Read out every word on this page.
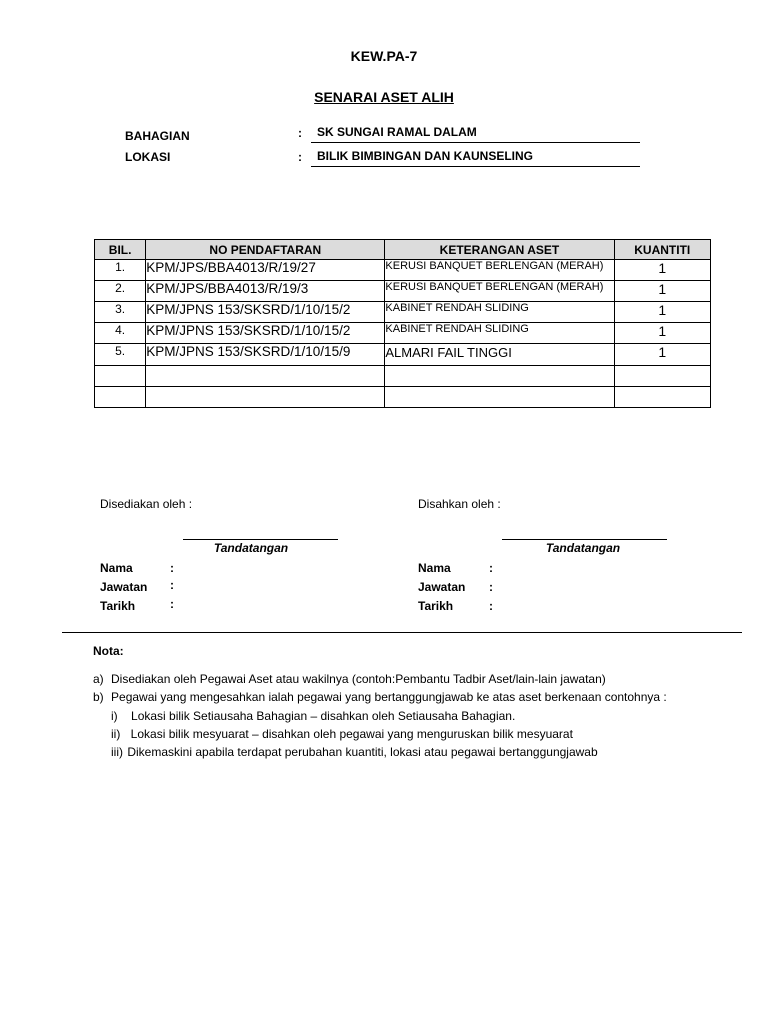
KEW.PA-7
SENARAI ASET ALIH
BAHAGIAN	:	SK SUNGAI RAMAL DALAM
LOKASI	:	BILIK BIMBINGAN DAN KAUNSELING
BIL.	NO PENDAFTARAN	KETERANGAN ASET	KUANTITI
1.	KPM/JPS/BBA4013/R/19/27	KERUSI BANQUET BERLENGAN (MERAH)	1
2.	KPM/JPS/BBA4013/R/19/3	KERUSI BANQUET BERLENGAN (MERAH)	1
3.	KPM/JPNS 153/SKSRD/1/10/15/2	KABINET RENDAH SLIDING	1
4.	KPM/JPNS 153/SKSRD/1/10/15/2	KABINET RENDAH SLIDING	1
5.	KPM/JPNS 153/SKSRD/1/10/15/9	ALMARI FAIL TINGGI	1

Disediakan oleh :
Tandatangan
Nama	:
Jawatan :
Tarikh	:
Disahkan oleh :
Tandatangan
Nama	:
Jawatan :
Tarikh	:
Nota:
a) Disediakan oleh Pegawai Aset atau wakilnya (contoh:Pembantu Tadbir Aset/lain-lain jawatan)
b) Pegawai yang mengesahkan ialah pegawai yang bertanggungjawab ke atas aset berkenaan contohnya :
i) Lokasi bilik Setiausaha Bahagian – disahkan oleh Setiausaha Bahagian.
ii) Lokasi bilik mesyuarat – disahkan oleh pegawai yang menguruskan bilik mesyuarat
iii) Dikemaskini apabila terdapat perubahan kuantiti, lokasi atau pegawai bertanggungjawab
